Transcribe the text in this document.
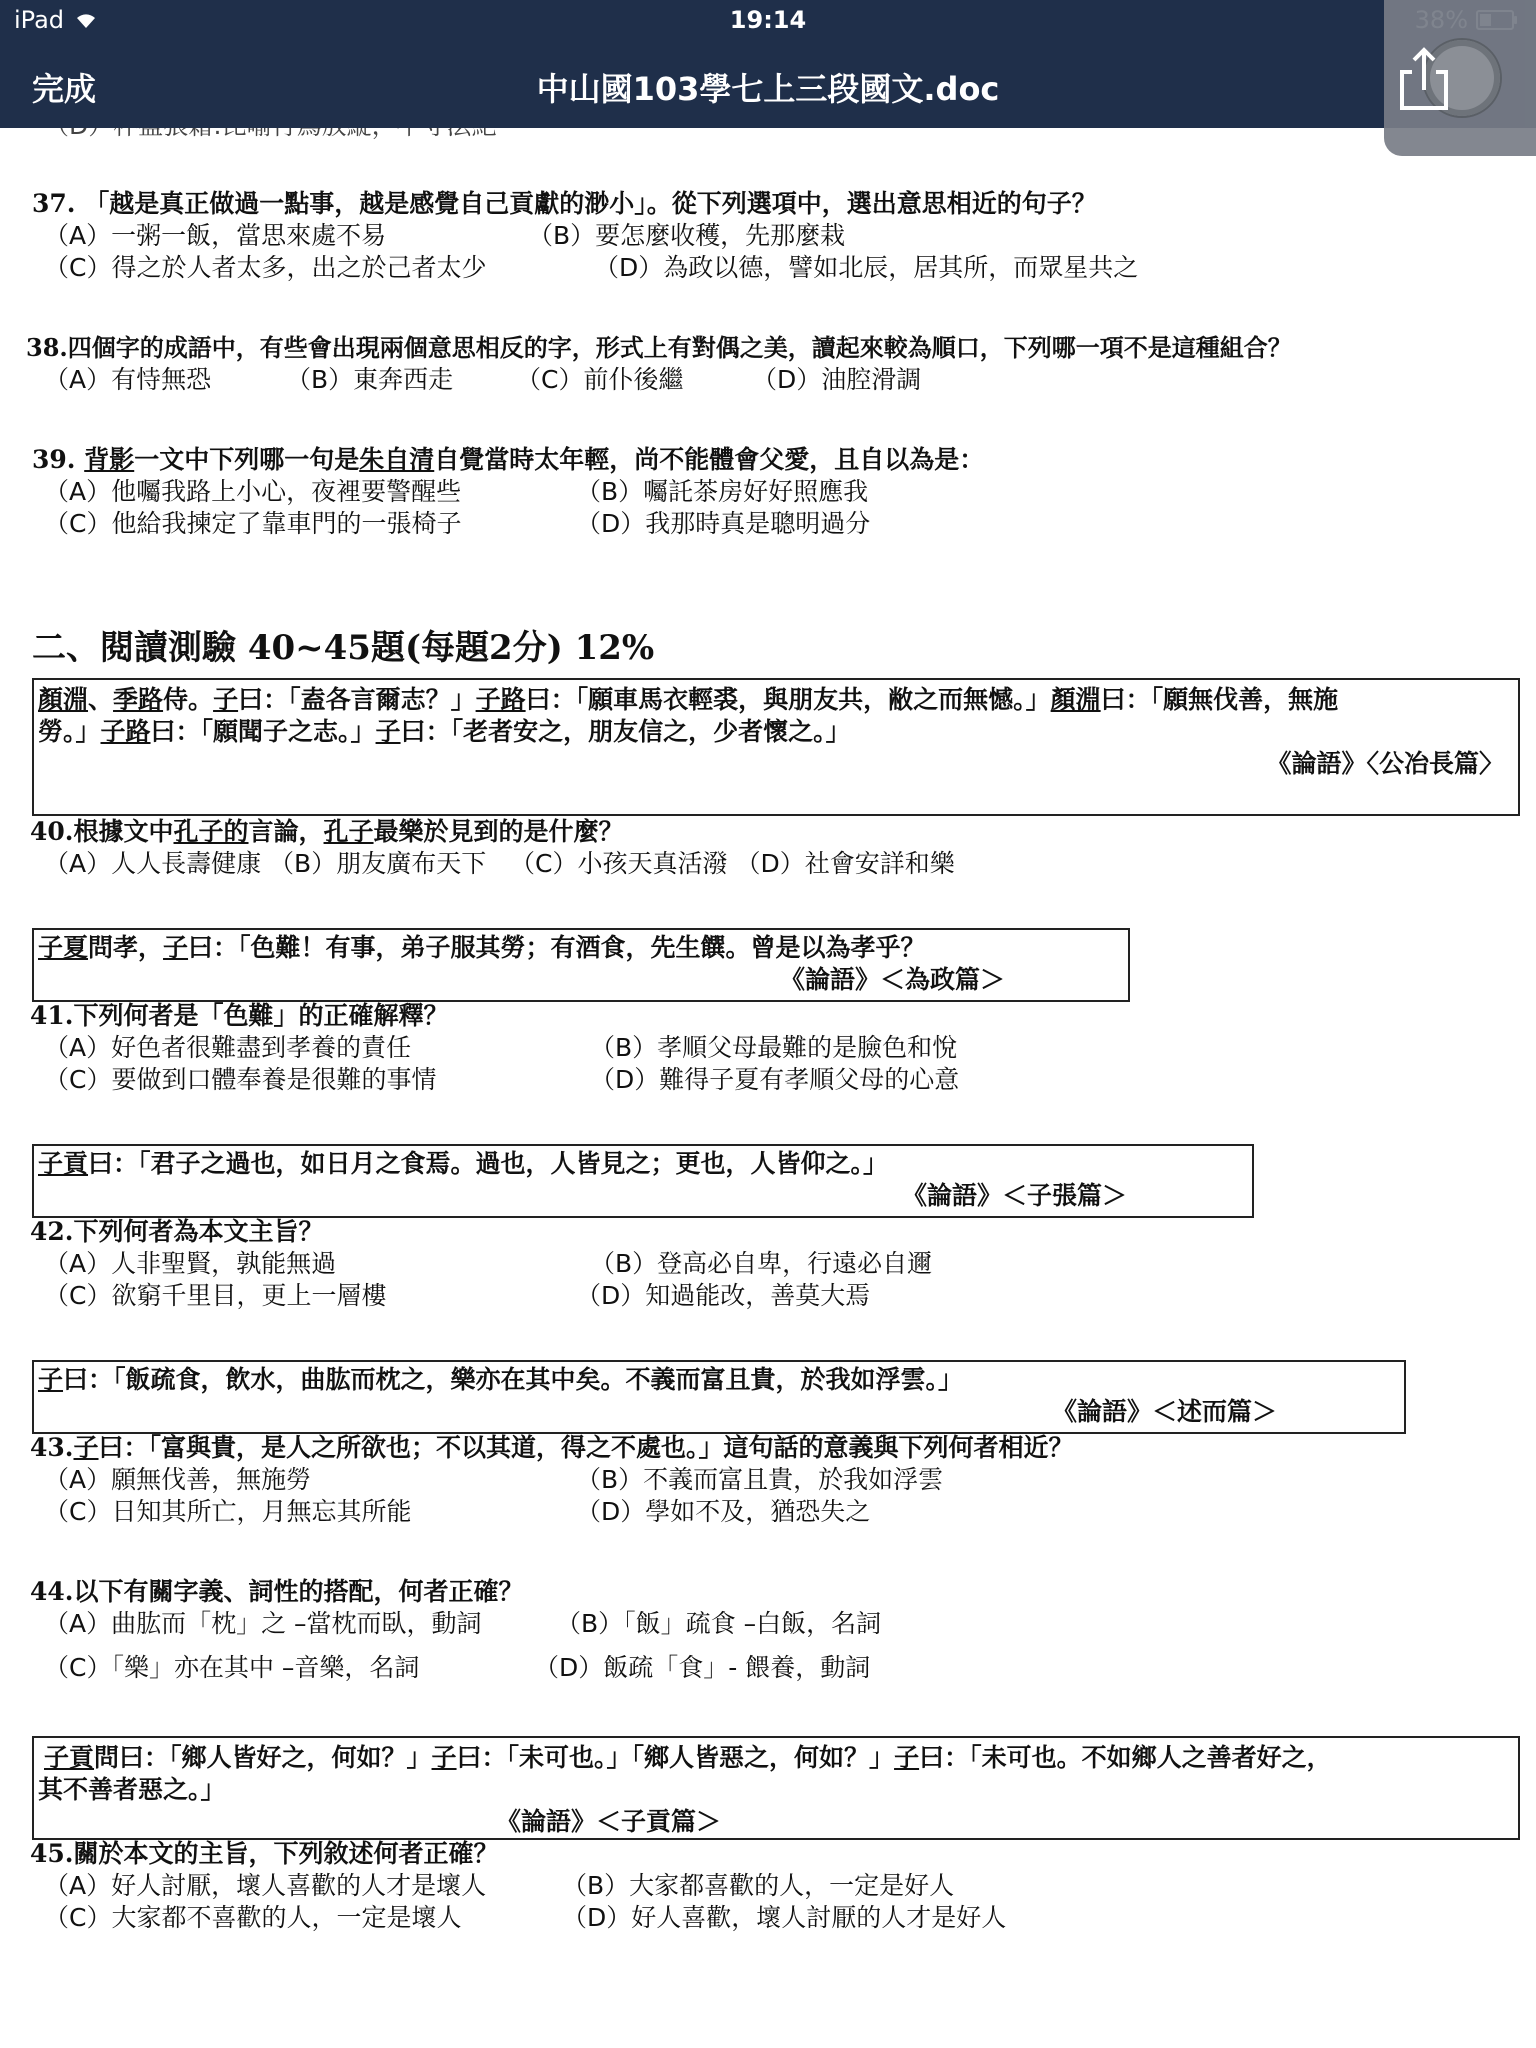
37. 「越是真正做過一點事，越是感覺自己貢獻的渺小」。從下列選項中，選出意思相近的句子？
（A）一粥一飯，當思來處不易	（B）要怎麼收穫，先那麼栽
（C）得之於人者太多，出之於己者太少	（D）為政以德，譬如北辰，居其所，而眾星共之
38.四個字的成語中，有些會出現兩個意思相反的字，形式上有對偶之美，讀起來較為順口，下列哪一項不是這種組合？
（A）有恃無恐	（B）東奔西走	（C）前仆後繼	（D）油腔滑調
39. 背影一文中下列哪一句是朱自清自覺當時太年輕，尚不能體會父愛，且自以為是：
（A）他囑我路上小心，夜裡要警醒些	（B）囑託茶房好好照應我
（C）他給我揀定了靠車門的一張椅子	（D）我那時真是聰明過分
二、閱讀測驗 40~45題(每題2分) 12%
顏淵、季路侍。子曰：「盍各言爾志？」子路曰：「願車馬衣輕裘，與朋友共，敝之而無憾。」顏淵曰：「願無伐善，無施
勞。」子路曰：「願聞子之志。」子曰：「老者安之，朋友信之，少者懷之。」
《論語》〈公冶長篇〉
40.根據文中孔子的言論，孔子最樂於見到的是什麼？
（A）人人長壽健康 （B）朋友廣布天下   （C）小孩天真活潑 （D）社會安詳和樂
子夏問孝，子曰：「色難！有事，弟子服其勞；有酒食，先生饌。曾是以為孝乎？
《論語》＜為政篇＞
41.下列何者是「色難」的正確解釋？
（A）好色者很難盡到孝養的責任	（B）孝順父母最難的是臉色和悅
（C）要做到口體奉養是很難的事情	（D）難得子夏有孝順父母的心意
子貢曰：「君子之過也，如日月之食焉。過也，人皆見之；更也，人皆仰之。」
《論語》＜子張篇＞
42.下列何者為本文主旨？
（A）人非聖賢，孰能無過	（B）登高必自卑，行遠必自邇
（C）欲窮千里目，更上一層樓	（D）知過能改，善莫大焉
子曰：「飯疏食，飲水，曲肱而枕之，樂亦在其中矣。不義而富且貴，於我如浮雲。」
《論語》＜述而篇＞
43.子曰：「富與貴，是人之所欲也；不以其道，得之不處也。」這句話的意義與下列何者相近？
（A）願無伐善，無施勞	（B）不義而富且貴，於我如浮雲
（C）日知其所亡，月無忘其所能	（D）學如不及，猶恐失之
44.以下有關字義、詞性的搭配，何者正確？
（A）曲肱而「枕」之 –當枕而臥，動詞	（B）「飯」疏食 –白飯，名詞
（C）「樂」亦在其中 –音樂，名詞	（D）飯疏「食」- 餵養，動詞
子貢問曰：「鄉人皆好之，何如？」子曰：「未可也。」「鄉人皆惡之，何如？」子曰：「未可也。不如鄉人之善者好之，
其不善者惡之。」
《論語》＜子貢篇＞
45.關於本文的主旨，下列敘述何者正確？
（A）好人討厭，壞人喜歡的人才是壞人	（B）大家都喜歡的人，一定是好人
（C）大家都不喜歡的人，一定是壞人	（D）好人喜歡，壞人討厭的人才是好人
iPad	19:14
完成	中山國103學七上三段國文.doc
